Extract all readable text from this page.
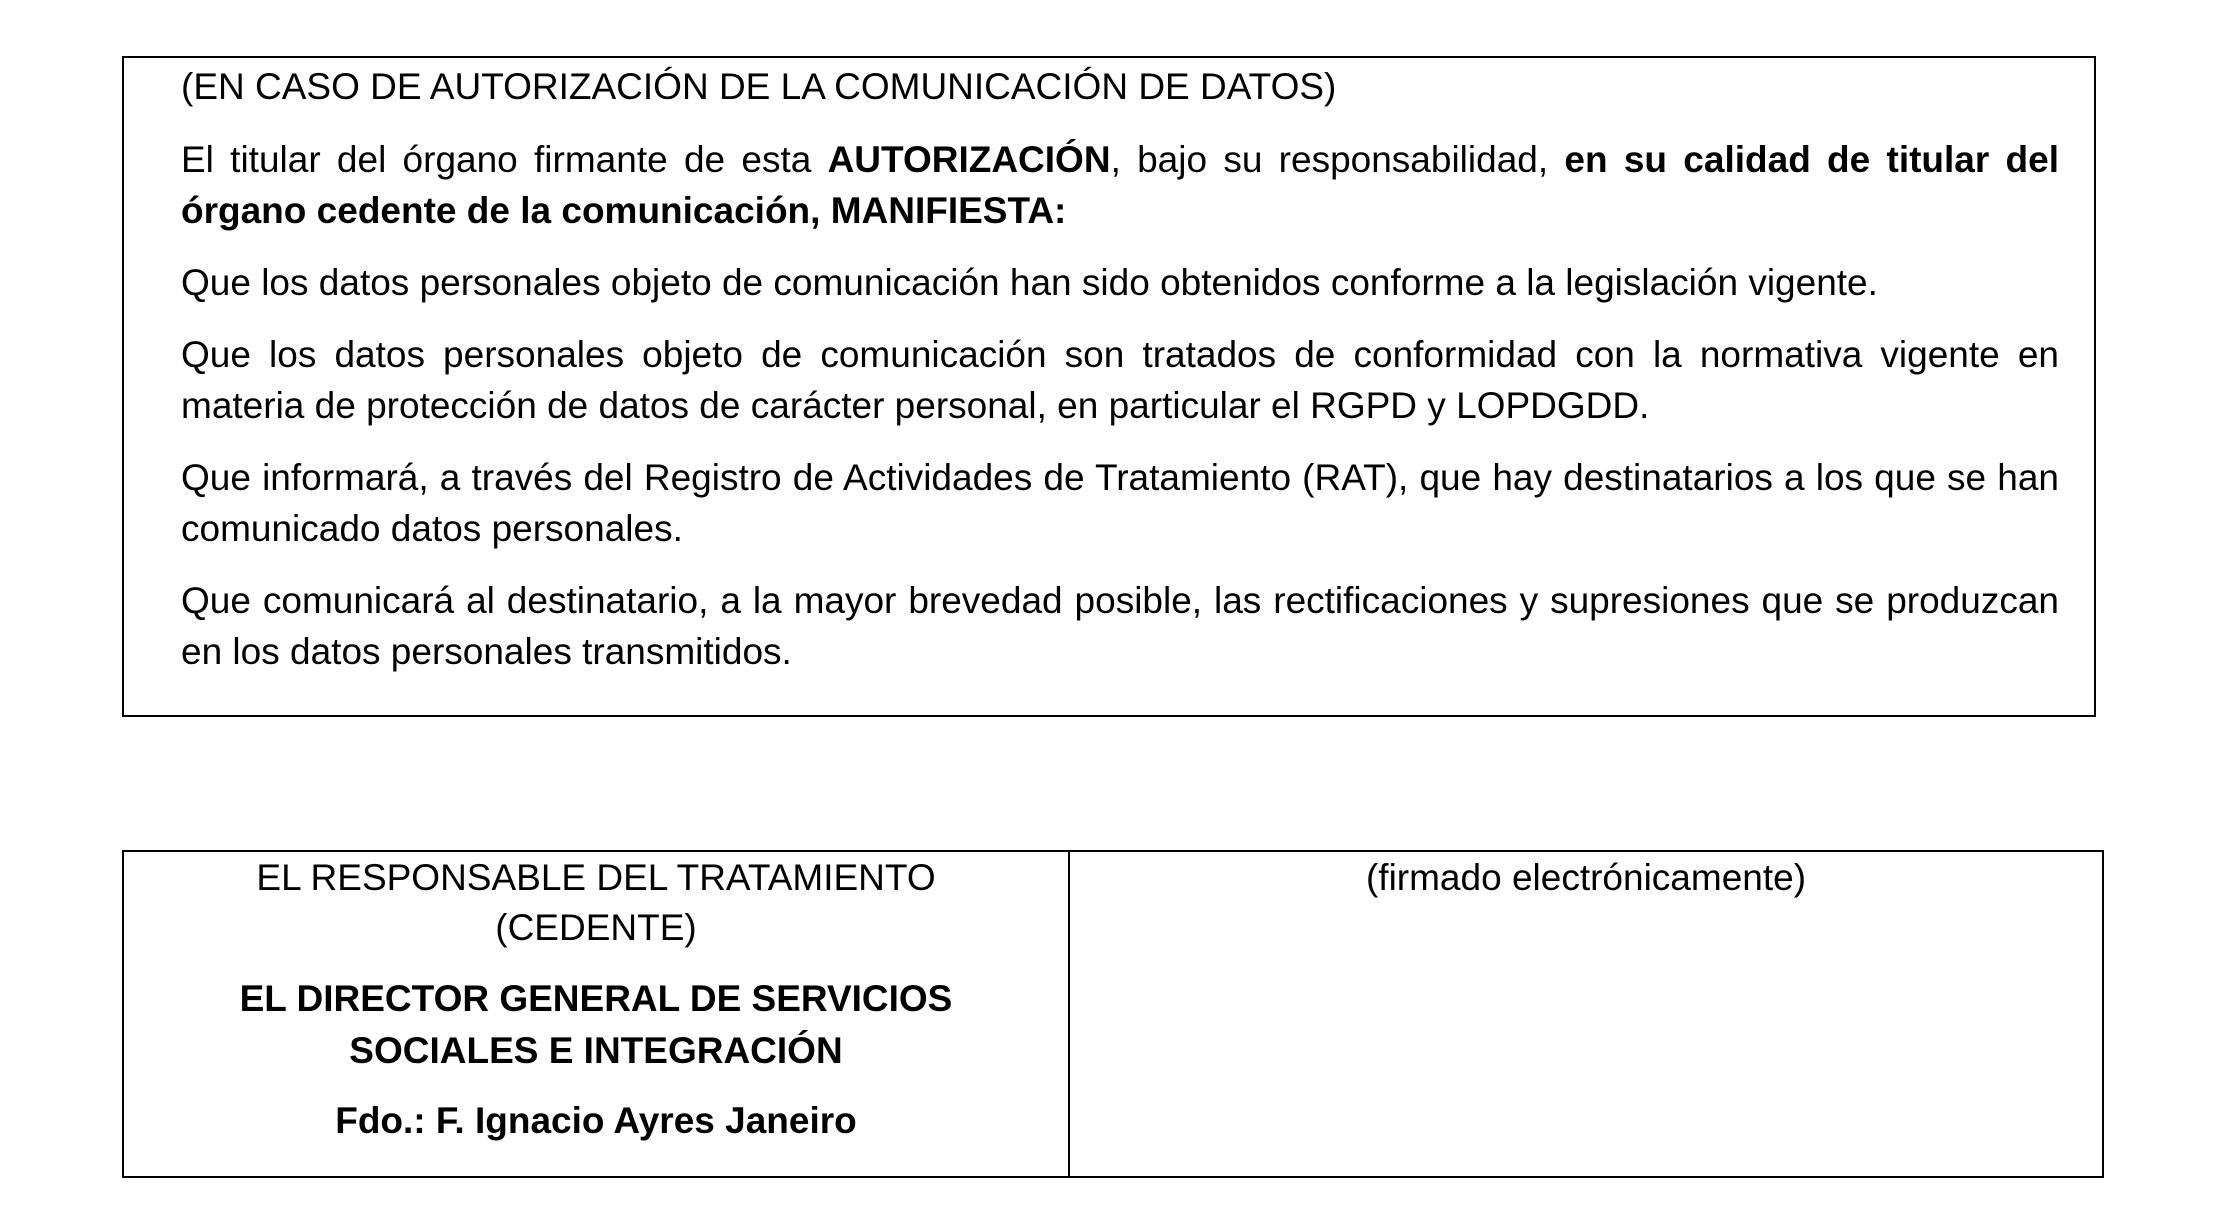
(EN CASO DE AUTORIZACIÓN DE LA COMUNICACIÓN DE DATOS)

El titular del órgano firmante de esta AUTORIZACIÓN, bajo su responsabilidad, en su calidad de titular del órgano cedente de la comunicación, MANIFIESTA:

Que los datos personales objeto de comunicación han sido obtenidos conforme a la legislación vigente.

Que los datos personales objeto de comunicación son tratados de conformidad con la normativa vigente en materia de protección de datos de carácter personal, en particular el RGPD y LOPDGDD.

Que informará, a través del Registro de Actividades de Tratamiento (RAT), que hay destinatarios a los que se han comunicado datos personales.

Que comunicará al destinatario, a la mayor brevedad posible, las rectificaciones y supresiones que se produzcan en los datos personales transmitidos.

EL RESPONSABLE DEL TRATAMIENTO (CEDENTE)

EL DIRECTOR GENERAL DE SERVICIOS SOCIALES E INTEGRACIÓN

Fdo.: F. Ignacio Ayres Janeiro

(firmado electrónicamente)
